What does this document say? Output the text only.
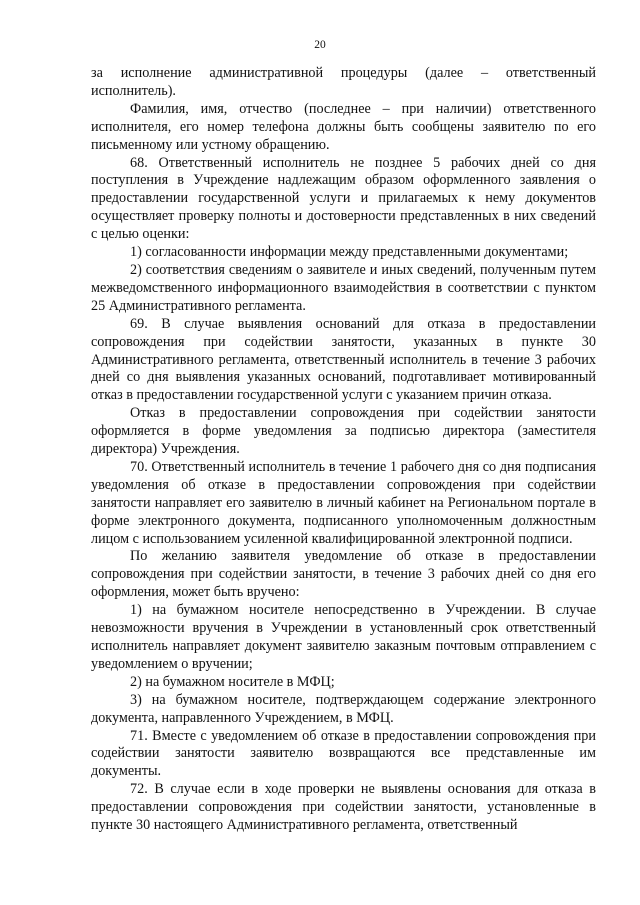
20

за исполнение административной процедуры (далее – ответственный исполнитель).

Фамилия, имя, отчество (последнее – при наличии) ответственного исполнителя, его номер телефона должны быть сообщены заявителю по его письменному или устному обращению.

68. Ответственный исполнитель не позднее 5 рабочих дней со дня поступления в Учреждение надлежащим образом оформленного заявления о предоставлении государственной услуги и прилагаемых к нему документов осуществляет проверку полноты и достоверности представленных в них сведений с целью оценки:

1) согласованности информации между представленными документами;

2) соответствия сведениям о заявителе и иных сведений, полученным путем межведомственного информационного взаимодействия в соответствии с пунктом 25 Административного регламента.

69. В случае выявления оснований для отказа в предоставлении сопровождения при содействии занятости, указанных в пункте 30 Административного регламента, ответственный исполнитель в течение 3 рабочих дней со дня выявления указанных оснований, подготавливает мотивированный отказ в предоставлении государственной услуги с указанием причин отказа.

Отказ в предоставлении сопровождения при содействии занятости оформляется в форме уведомления за подписью директора (заместителя директора) Учреждения.

70. Ответственный исполнитель в течение 1 рабочего дня со дня подписания уведомления об отказе в предоставлении сопровождения при содействии занятости направляет его заявителю в личный кабинет на Региональном портале в форме электронного документа, подписанного уполномоченным должностным лицом с использованием усиленной квалифицированной электронной подписи.

По желанию заявителя уведомление об отказе в предоставлении сопровождения при содействии занятости, в течение 3 рабочих дней со дня его оформления, может быть вручено:

1) на бумажном носителе непосредственно в Учреждении. В случае невозможности вручения в Учреждении в установленный срок ответственный исполнитель направляет документ заявителю заказным почтовым отправлением с уведомлением о вручении;

2) на бумажном носителе в МФЦ;

3) на бумажном носителе, подтверждающем содержание электронного документа, направленного Учреждением, в МФЦ.

71. Вместе с уведомлением об отказе в предоставлении сопровождения при содействии занятости заявителю возвращаются все представленные им документы.

72. В случае если в ходе проверки не выявлены основания для отказа в предоставлении сопровождения при содействии занятости, установленные в пункте 30 настоящего Административного регламента, ответственный
